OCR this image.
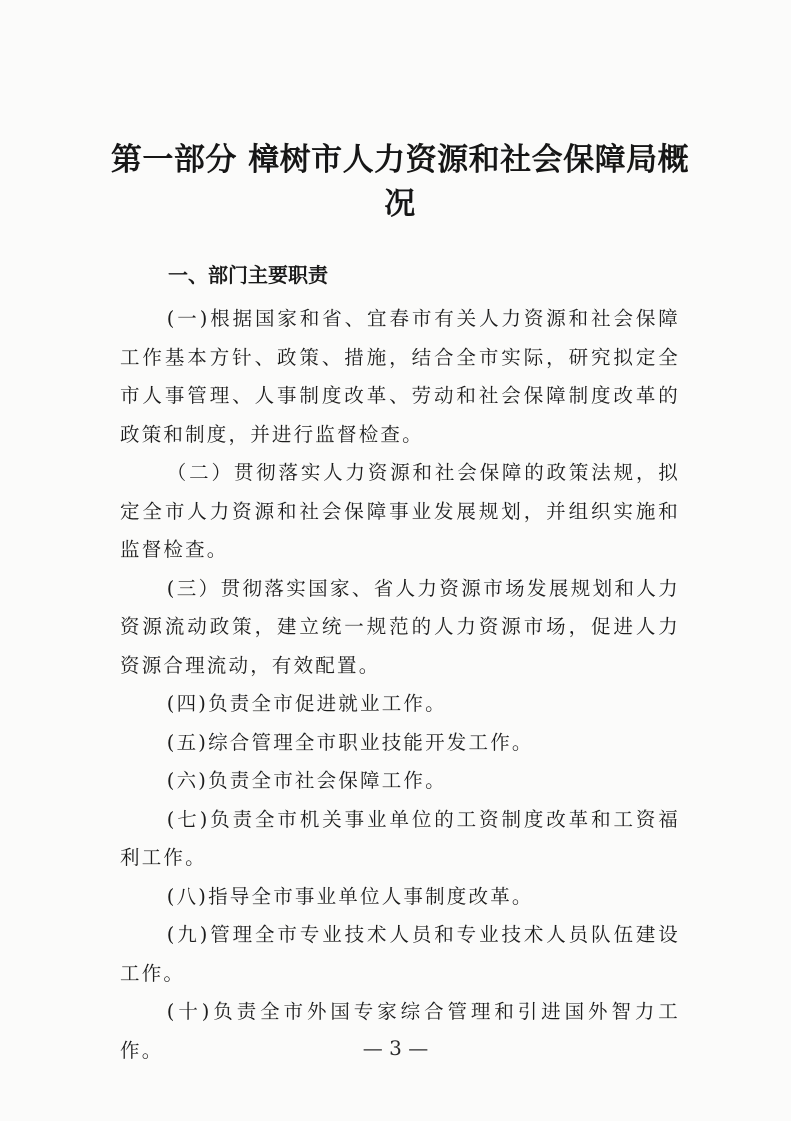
第一部分 樟树市人力资源和社会保障局概况
一、部门主要职责

(一)根据国家和省、宜春市有关人力资源和社会保障工作基本方针、政策、措施，结合全市实际，研究拟定全市人事管理、人事制度改革、劳动和社会保障制度改革的政策和制度，并进行监督检查。

（二）贯彻落实人力资源和社会保障的政策法规，拟定全市人力资源和社会保障事业发展规划，并组织实施和监督检查。

(三）贯彻落实国家、省人力资源市场发展规划和人力资源流动政策，建立统一规范的人力资源市场，促进人力资源合理流动，有效配置。

(四)负责全市促进就业工作。

(五)综合管理全市职业技能开发工作。

(六)负责全市社会保障工作。

(七)负责全市机关事业单位的工资制度改革和工资福利工作。

(八)指导全市事业单位人事制度改革。

(九)管理全市专业技术人员和专业技术人员队伍建设工作。

(十)负责全市外国专家综合管理和引进国外智力工作。	— 3 —
